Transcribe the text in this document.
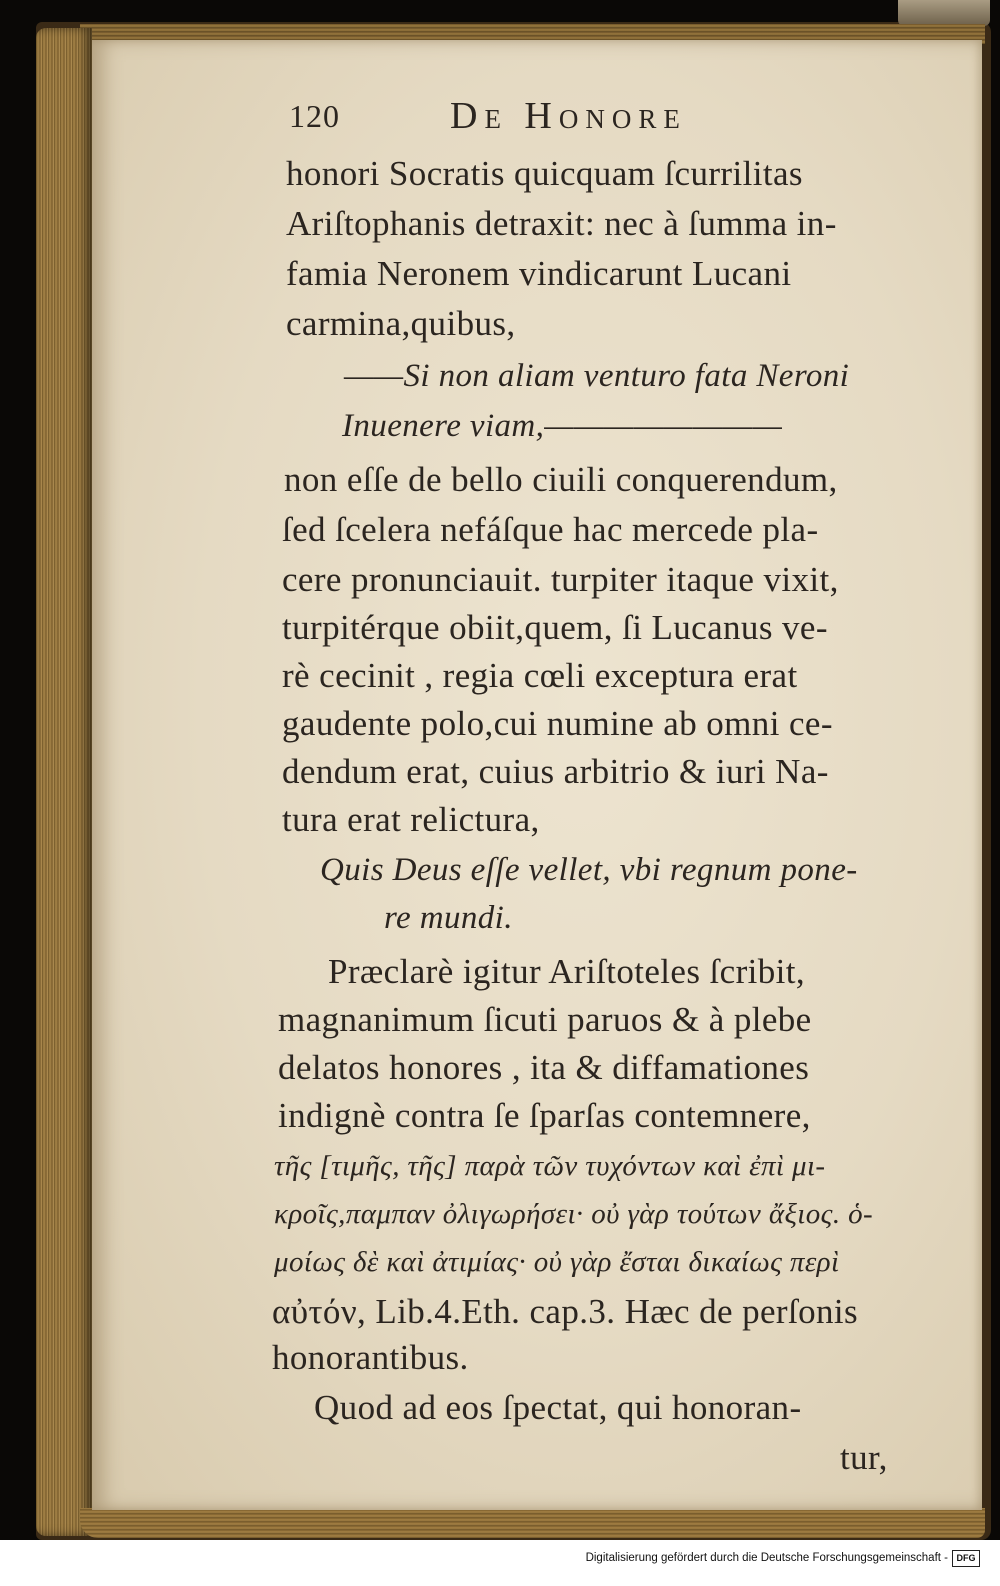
120	De Honore
honori Socratis quicquam ſcurrilitas
Ariſtophanis detraxit: nec à ſumma in-
famia Neronem vindicarunt Lucani
carmina,quibus,
——Si non aliam venturo fata Neroni
Inuenere viam,————————
non eſſe de bello ciuili conquerendum,
ſed ſcelera nefáſque hac mercede pla-
cere pronunciauit. turpiter itaque vixit,
turpitérque obiit,quem, ſi Lucanus ve-
rè cecinit , regia cœli excepturа erat
gaudente polo,cui numine ab omni ce-
dendum erat, cuius arbitrio & iuri Na-
tura erat relictura,
Quis Deus eſſe vellet, vbi regnum pone-
re mundi.
Præclarè igitur Ariſtoteles ſcribit,
magnanimum ſicuti paruos & à plebe
delatos honores , ita & diffamationes
indignè contra ſe ſparſas contemnere,
τῆς [τιμῆς, τῆς] παρὰ τῶν τυχόντων καὶ ἐπὶ μι-
κροῖς,παμπαν ὀλιγωρήσει· οὐ γὰρ τούτων ἄξιος. ὁ-
μοίως δὲ καὶ ἀτιμίας· οὐ γὰρ ἔσται δικαίως περὶ
αὐτόν, Lib.4.Eth. cap.3. Hæc de perſonis
honorantibus.
Quod ad eos ſpectat, qui honoran-
tur,
Digitalisierung gefördert durch die Deutsche Forschungsgemeinschaft - DFG
